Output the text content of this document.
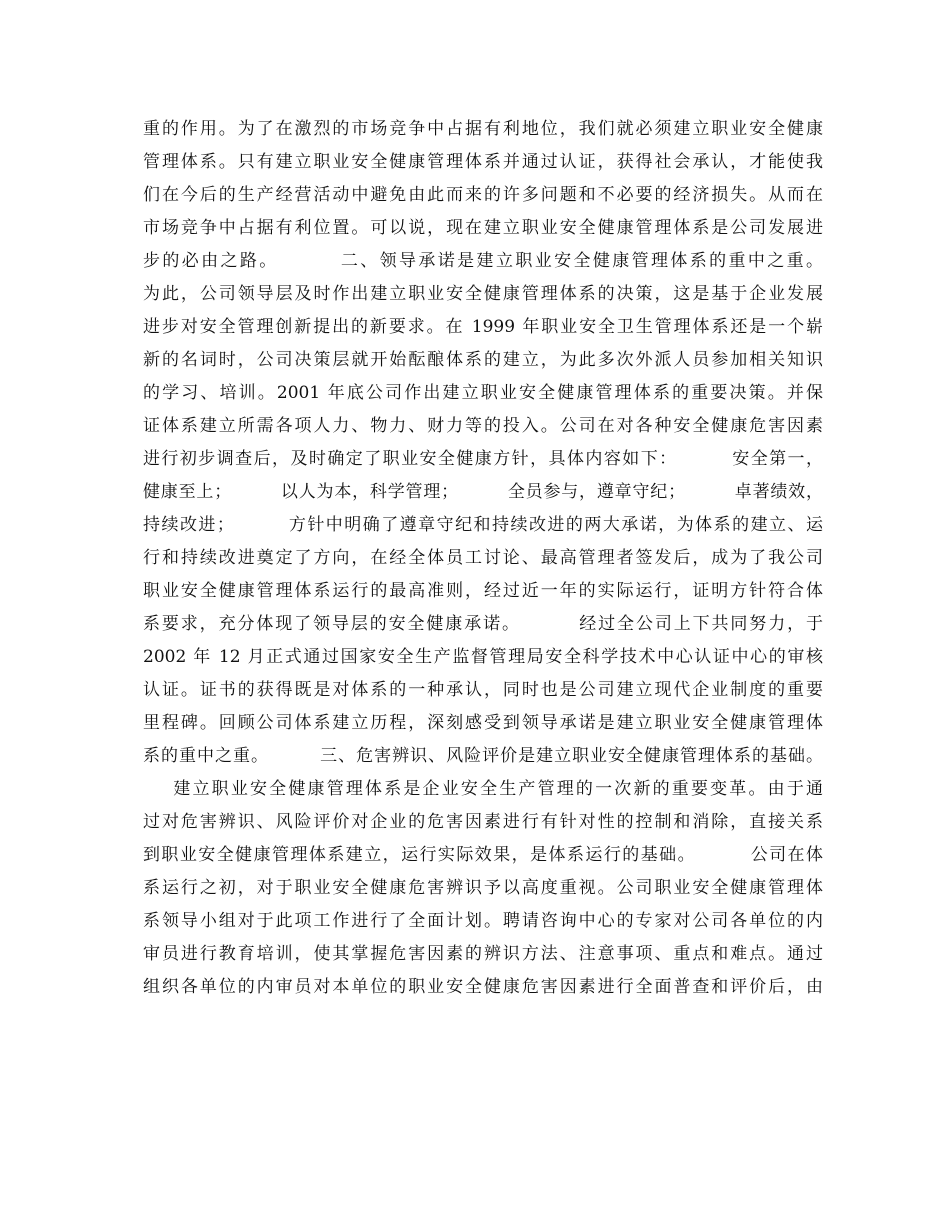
重的作用。为了在激烈的市场竞争中占据有利地位，我们就必须建立职业安全健康
管理体系。只有建立职业安全健康管理体系并通过认证，获得社会承认，才能使我
们在今后的生产经营活动中避免由此而来的许多问题和不必要的经济损失。从而在
市场竞争中占据有利位置。可以说，现在建立职业安全健康管理体系是公司发展进
步的必由之路。        二、领导承诺是建立职业安全健康管理体系的重中之重。
为此，公司领导层及时作出建立职业安全健康管理体系的决策，这是基于企业发展
进步对安全管理创新提出的新要求。在 1999 年职业安全卫生管理体系还是一个崭
新的名词时，公司决策层就开始酝酿体系的建立，为此多次外派人员参加相关知识
的学习、培训。2001 年底公司作出建立职业安全健康管理体系的重要决策。并保
证体系建立所需各项人力、物力、财力等的投入。公司在对各种安全健康危害因素
进行初步调查后，及时确定了职业安全健康方针，具体内容如下：        安全第一，
健康至上；        以人为本，科学管理；        全员参与，遵章守纪；        卓著绩效，
持续改进；        方针中明确了遵章守纪和持续改进的两大承诺，为体系的建立、运
行和持续改进奠定了方向，在经全体员工讨论、最高管理者签发后，成为了我公司
职业安全健康管理体系运行的最高准则，经过近一年的实际运行，证明方针符合体
系要求，充分体现了领导层的安全健康承诺。        经过全公司上下共同努力，于
2002 年 12 月正式通过国家安全生产监督管理局安全科学技术中心认证中心的审核
认证。证书的获得既是对体系的一种承认，同时也是公司建立现代企业制度的重要
里程碑。回顾公司体系建立历程，深刻感受到领导承诺是建立职业安全健康管理体
系的重中之重。        三、危害辨识、风险评价是建立职业安全健康管理体系的基础。
建立职业安全健康管理体系是企业安全生产管理的一次新的重要变革。由于通
过对危害辨识、风险评价对企业的危害因素进行有针对性的控制和消除，直接关系
到职业安全健康管理体系建立，运行实际效果，是体系运行的基础。        公司在体
系运行之初，对于职业安全健康危害辨识予以高度重视。公司职业安全健康管理体
系领导小组对于此项工作进行了全面计划。聘请咨询中心的专家对公司各单位的内
审员进行教育培训，使其掌握危害因素的辨识方法、注意事项、重点和难点。通过
组织各单位的内审员对本单位的职业安全健康危害因素进行全面普查和评价后，由
